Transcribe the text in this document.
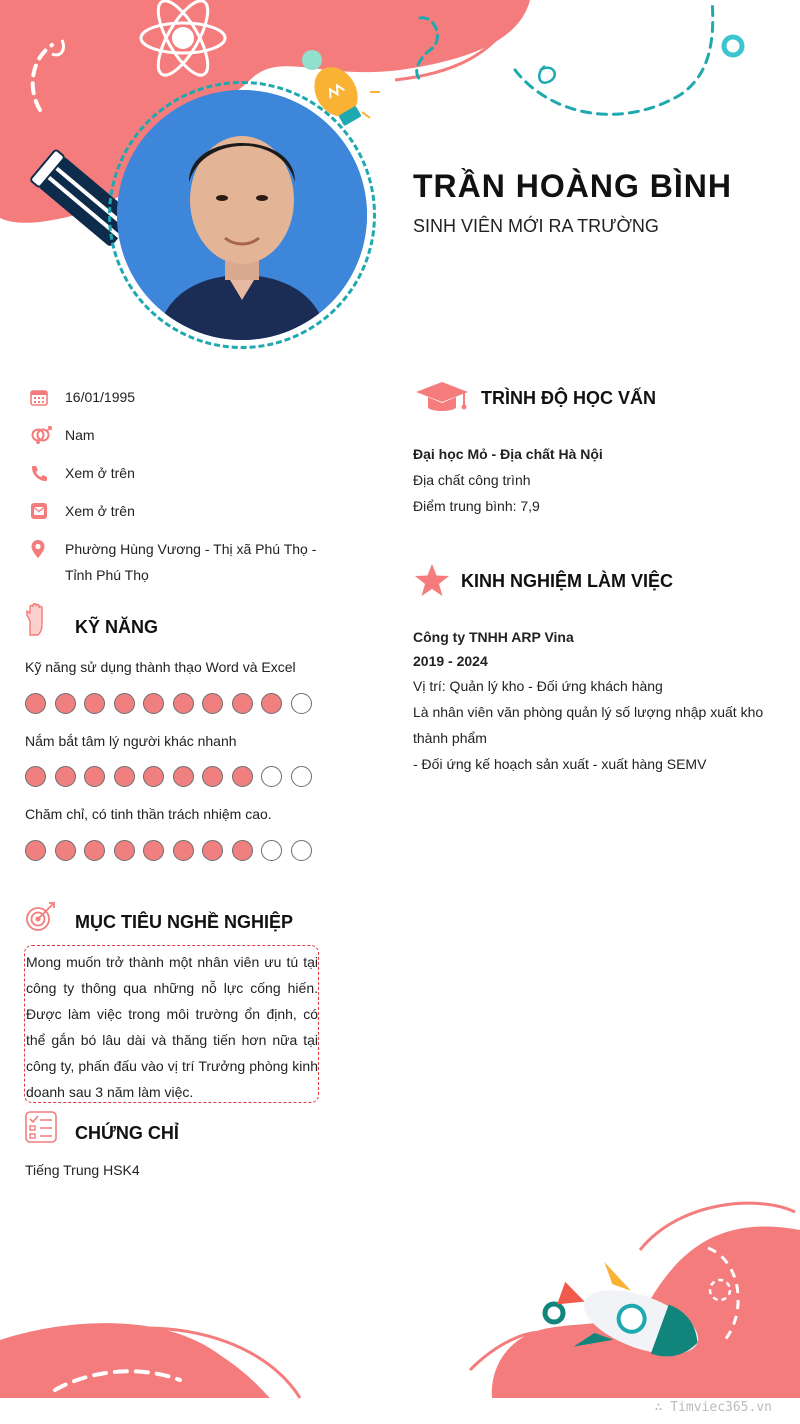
TRẦN HOÀNG BÌNH
SINH VIÊN MỚI RA TRƯỜNG
16/01/1995
Nam
Xem ở trên
Xem ở trên
Phường Hùng Vương - Thị xã Phú Thọ -
Tỉnh Phú Thọ
KỸ NĂNG
Kỹ năng sử dụng thành thạo Word và Excel
Nắm bắt tâm lý người khác nhanh
Chăm chỉ, có tinh thần trách nhiệm cao.
MỤC TIÊU NGHỀ NGHIỆP
Mong muốn trở thành một nhân viên ưu tú tại công ty thông qua những nỗ lực cống hiến. Được làm việc trong môi trường ổn định, có thể gắn bó lâu dài và thăng tiến hơn nữa tại công ty, phấn đấu vào vị trí Trưởng phòng kinh doanh sau 3 năm làm việc.
CHỨNG CHỈ
Tiếng Trung HSK4
TRÌNH ĐỘ HỌC VẤN
Đại học Mỏ - Địa chất Hà Nội
Địa chất công trình
Điểm trung bình: 7,9
KINH NGHIỆM LÀM VIỆC
Công ty TNHH ARP Vina
2019 - 2024
Vị trí: Quản lý kho - Đối ứng khách hàng
Là nhân viên văn phòng quản lý số lượng nhập xuất kho
thành phẩm
- Đối ứng kế hoạch sản xuất - xuất hàng SEMV
∴ Timviec365.vn
